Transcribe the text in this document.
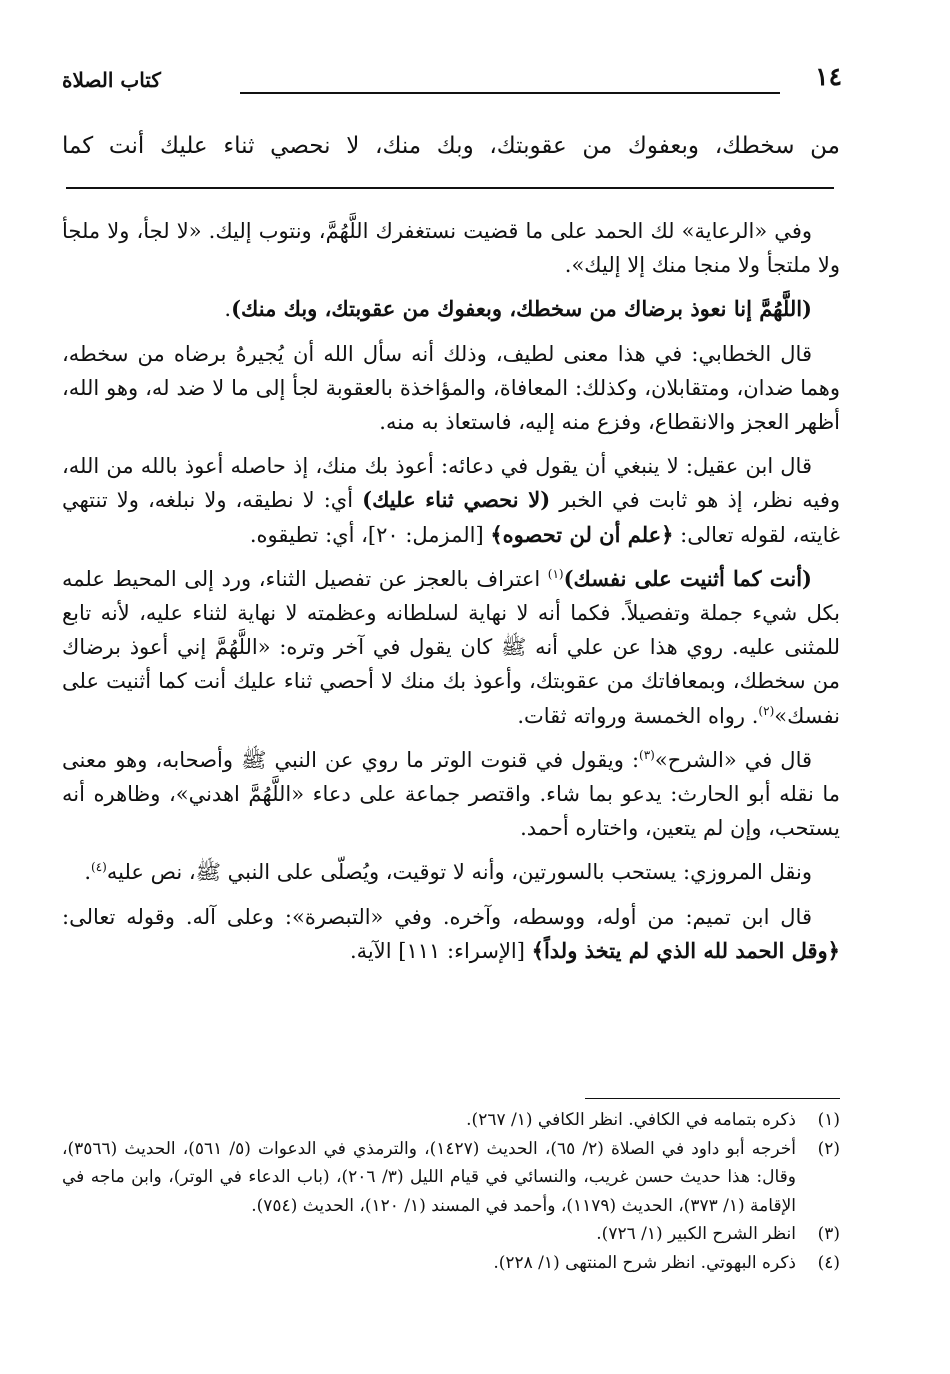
١٤
كتاب الصلاة
من سخطك، وبعفوك من عقوبتك، وبك منك، لا نحصي ثناء عليك أنت كما

وفي «الرعاية» لك الحمد على ما قضيت نستغفرك اللَّهُمَّ، ونتوب إليك. «لا لجأ، ولا ملجأ ولا ملتجأ ولا منجا منك إلا إليك».

(اللَّهُمَّ إنا نعوذ برضاك من سخطك، وبعفوك من عقوبتك، وبك منك).

قال الخطابي: في هذا معنى لطيف، وذلك أنه سأل الله أن يُجيرهُ برضاه من سخطه، وهما ضدان، ومتقابلان، وكذلك: المعافاة، والمؤاخذة بالعقوبة لجأ إلى ما لا ضد له، وهو الله، أظهر العجز والانقطاع، وفزع منه إليه، فاستعاذ به منه.

قال ابن عقيل: لا ينبغي أن يقول في دعائه: أعوذ بك منك، إذ حاصله أعوذ بالله من الله، وفيه نظر، إذ هو ثابت في الخبر (لا نحصي ثناء عليك) أي: لا نطيقه، ولا نبلغه، ولا تنتهي غايته، لقوله تعالى: ﴿علم أن لن تحصوه﴾ [المزمل: ٢٠]، أي: تطيقوه.

(أنت كما أثنيت على نفسك)$^{(١)}$ اعتراف بالعجز عن تفصيل الثناء، ورد إلى المحيط علمه بكل شيء جملة وتفصيلاً. فكما أنه لا نهاية لسلطانه وعظمته لا نهاية لثناء عليه، لأنه تابع للمثنى عليه. روي هذا عن علي أنه ﷺ كان يقول في آخر وتره: «اللَّهُمَّ إني أعوذ برضاك من سخطك، وبمعافاتك من عقوبتك، وأعوذ بك منك لا أحصي ثناء عليك أنت كما أثنيت على نفسك»$^{(٢)}$. رواه الخمسة ورواته ثقات.

قال في «الشرح»$^{(٣)}$: ويقول في قنوت الوتر ما روي عن النبي ﷺ وأصحابه، وهو معنى ما نقله أبو الحارث: يدعو بما شاء. واقتصر جماعة على دعاء «اللَّهُمَّ اهدني»، وظاهره أنه يستحب، وإن لم يتعين، واختاره أحمد.

ونقل المروزي: يستحب بالسورتين، وأنه لا توقيت، ويُصلّى على النبي ﷺ، نص عليه$^{(٤)}$.

قال ابن تميم: من أوله، ووسطه، وآخره. وفي «التبصرة»: وعلى آله. وقوله تعالى: ﴿وقل الحمد لله الذي لم يتخذ ولداً﴾ [الإسراء: ١١١] الآية.

(١)
ذكره بتمامه في الكافي. انظر الكافي (١/ ٢٦٧).
(٢)
أخرجه أبو داود في الصلاة (٢/ ٦٥)، الحديث (١٤٢٧)، والترمذي في الدعوات (٥/ ٥٦١)، الحديث (٣٥٦٦)، وقال: هذا حديث حسن غريب، والنسائي في قيام الليل (٣/ ٢٠٦)، (باب الدعاء في الوتر)، وابن ماجه في الإقامة (١/ ٣٧٣)، الحديث (١١٧٩)، وأحمد في المسند (١/ ١٢٠)، الحديث (٧٥٤).
(٣)
انظر الشرح الكبير (١/ ٧٢٦).
(٤)
ذكره البهوتي. انظر شرح المنتهى (١/ ٢٢٨).
